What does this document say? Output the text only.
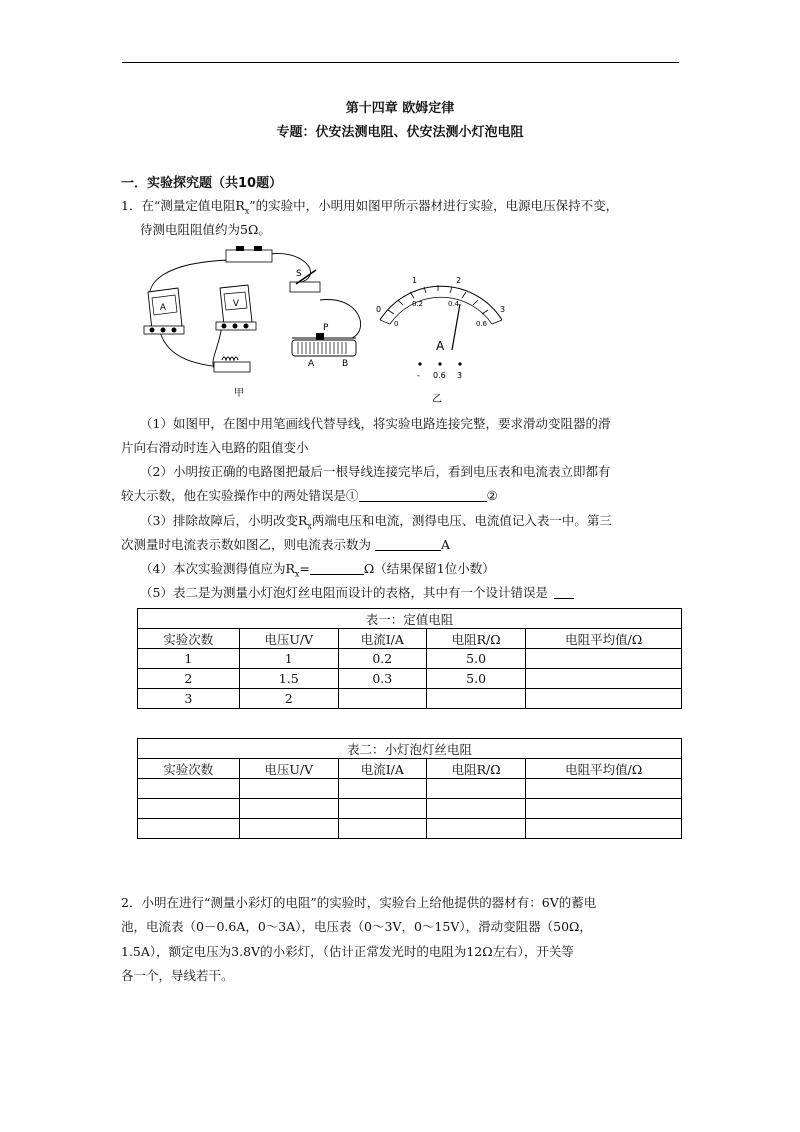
第十四章 欧姆定律
专题：伏安法测电阻、伏安法测小灯泡电阻
一．实验探究题（共10题）
1．在“测量定值电阻$R_x$”的实验中，小明用如图甲所示器材进行实验，电源电压保持不变，
待测电阻阻值约为5Ω。
A	V
S
P
A	B
甲
0
1	2
3
0
0.2	0.4
0.6
A
- 0.6 3
乙
（1）如图甲，在图中用笔画线代替导线，将实验电路连接完整，要求滑动变阻器的滑
片向右滑动时连入电路的阻值变小
（2）小明按正确的电路图把最后一根导线连接完毕后，看到电压表和电流表立即都有
较大示数，他在实验操作中的两处错误是①	②
（3）排除故障后，小明改变$R_x$两端电压和电流，测得电压、电流值记入表一中。第三
次测量时电流表示数如图乙，则电流表示数为	A
（4）本次实验测得值应为$R_x=$	Ω（结果保留1位小数）
（5）表二是为测量小灯泡灯丝电阻而设计的表格，其中有一个设计错误是
表一：定值电阻				
实验次数	电压U/V	电流I/A	电阻R/Ω	电阻平均值/Ω
1	1	0.2	5.0	
2	1.5	0.3	5.0	
3	2			
表二：小灯泡灯丝电阻				
实验次数	电压U/V	电流I/A	电阻R/Ω	电阻平均值/Ω

2．小明在进行“测量小彩灯的电阻”的实验时，实验台上给他提供的器材有：6V的蓄电
池，电流表（0－0.6A，0～3A），电压表（0～3V，0～15V），滑动变阻器（50Ω，
1.5A），额定电压为3.8V的小彩灯，（估计正常发光时的电阻为12Ω左右），开关等
各一个，导线若干。
